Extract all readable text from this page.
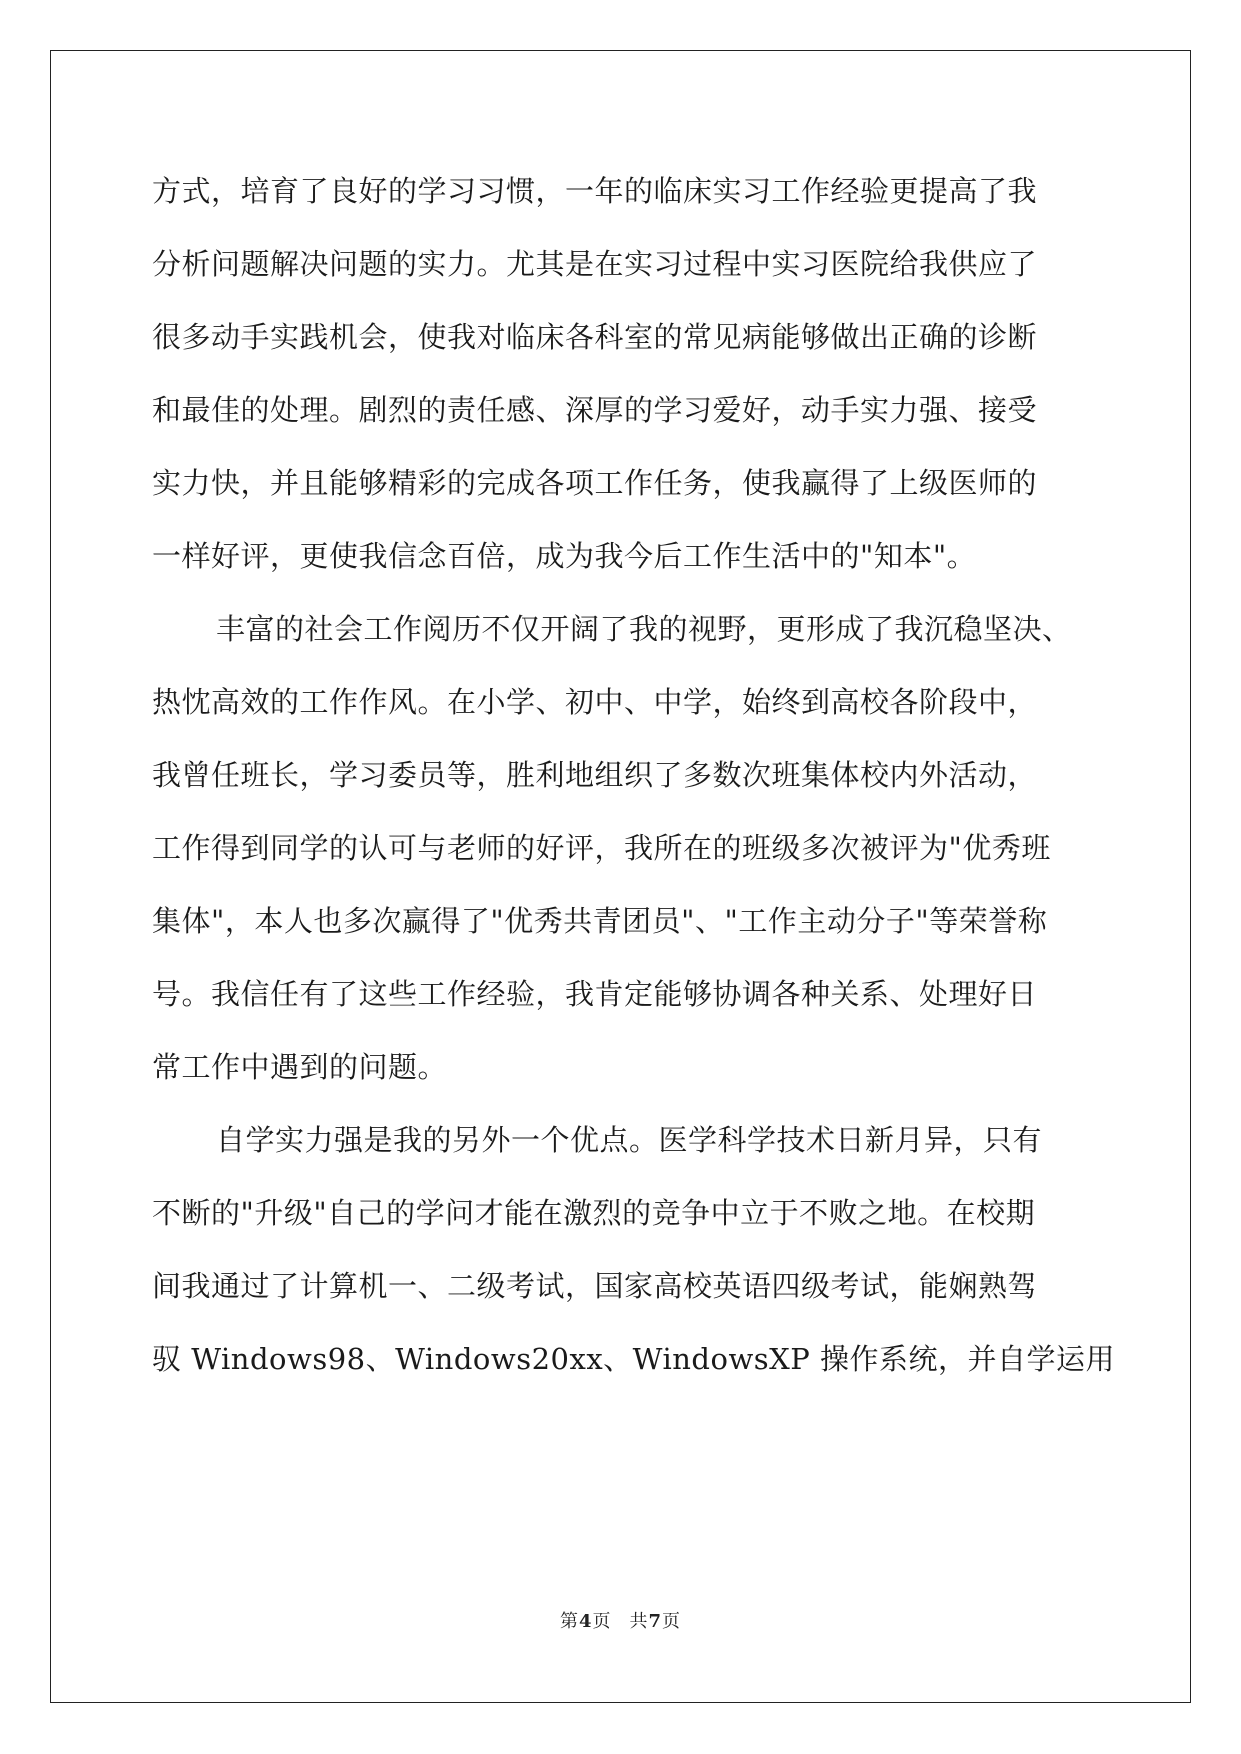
方式，培育了良好的学习习惯，一年的临床实习工作经验更提高了我
分析问题解决问题的实力。尤其是在实习过程中实习医院给我供应了
很多动手实践机会，使我对临床各科室的常见病能够做出正确的诊断
和最佳的处理。剧烈的责任感、深厚的学习爱好，动手实力强、接受
实力快，并且能够精彩的完成各项工作任务，使我赢得了上级医师的
一样好评，更使我信念百倍，成为我今后工作生活中的"知本"。
丰富的社会工作阅历不仅开阔了我的视野，更形成了我沉稳坚决、
热忱高效的工作作风。在小学、初中、中学，始终到高校各阶段中，
我曾任班长，学习委员等，胜利地组织了多数次班集体校内外活动，
工作得到同学的认可与老师的好评，我所在的班级多次被评为"优秀班
集体"，本人也多次赢得了"优秀共青团员"、"工作主动分子"等荣誉称
号。我信任有了这些工作经验，我肯定能够协调各种关系、处理好日
常工作中遇到的问题。
自学实力强是我的另外一个优点。医学科学技术日新月异，只有
不断的"升级"自己的学问才能在激烈的竞争中立于不败之地。在校期
间我通过了计算机一、二级考试，国家高校英语四级考试，能娴熟驾
驭 Windows98、Windows20xx、WindowsXP 操作系统，并自学运用
第4页 共7页
